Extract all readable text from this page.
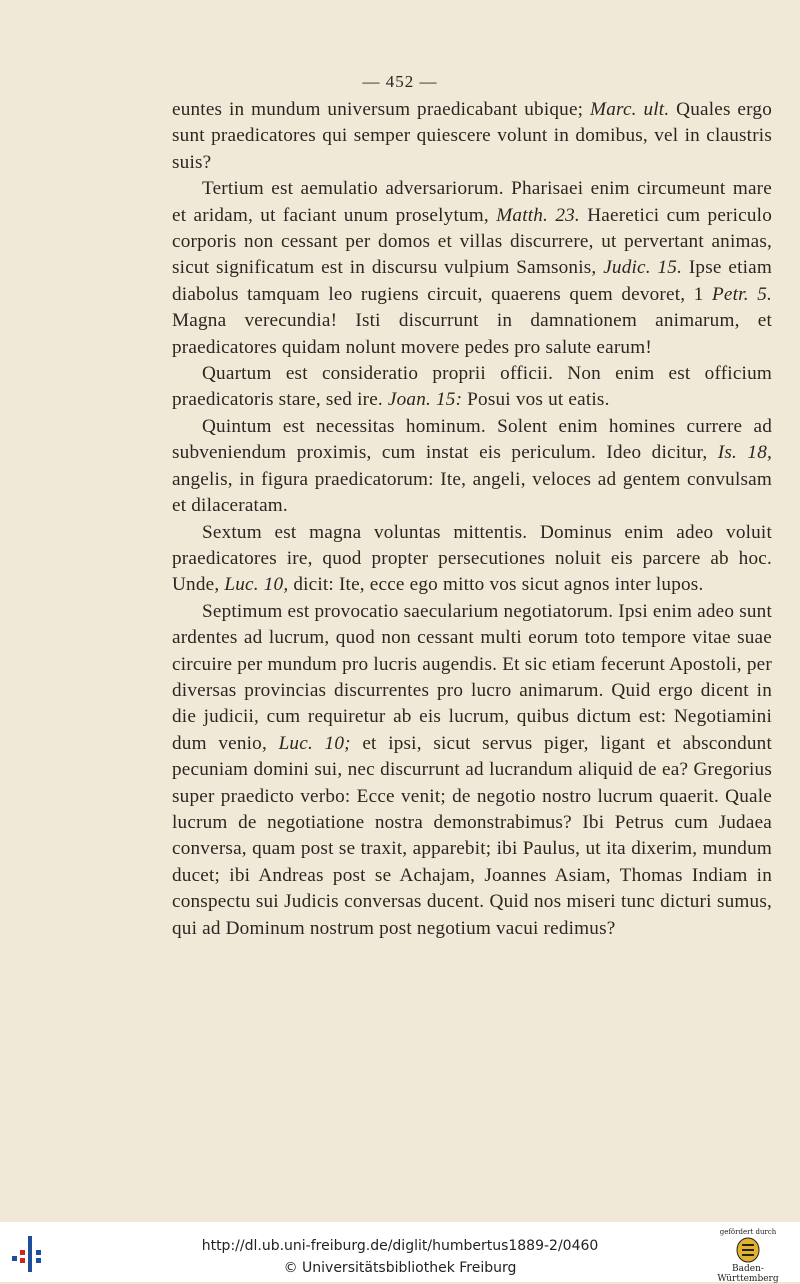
— 452 —

euntes in mundum universum praedicabant ubique; Marc. ult. Quales ergo sunt praedicatores qui semper quiescere volunt in domibus, vel in claustris suis?

Tertium est aemulatio adversariorum. Pharisaei enim circumeunt mare et aridam, ut faciant unum proselytum, Matth. 23. Haeretici cum periculo corporis non cessant per domos et villas discurrere, ut pervertant animas, sicut significatum est in discursu vulpium Samsonis, Judic. 15. Ipse etiam diabolus tamquam leo rugiens circuit, quaerens quem devoret, 1 Petr. 5. Magna verecundia! Isti discurrunt in damnationem animarum, et praedicatores quidam nolunt movere pedes pro salute earum!

Quartum est consideratio proprii officii. Non enim est officium praedicatoris stare, sed ire. Joan. 15: Posui vos ut eatis.

Quintum est necessitas hominum. Solent enim homines currere ad subveniendum proximis, cum instat eis periculum. Ideo dicitur, Is. 18, angelis, in figura praedicatorum: Ite, angeli, veloces ad gentem convulsam et dilaceratam.

Sextum est magna voluntas mittentis. Dominus enim adeo voluit praedicatores ire, quod propter persecutiones noluit eis parcere ab hoc. Unde, Luc. 10, dicit: Ite, ecce ego mitto vos sicut agnos inter lupos.

Septimum est provocatio saecularium negotiatorum. Ipsi enim adeo sunt ardentes ad lucrum, quod non cessant multi eorum toto tempore vitae suae circuire per mundum pro lucris augendis. Et sic etiam fecerunt Apostoli, per diversas provincias discurrentes pro lucro animarum. Quid ergo dicent in die judicii, cum requiretur ab eis lucrum, quibus dictum est: Negotiamini dum venio, Luc. 10; et ipsi, sicut servus piger, ligant et abscondunt pecuniam domini sui, nec discurrunt ad lucrandum aliquid de ea? Gregorius super praedicto verbo: Ecce venit; de negotio nostro lucrum quaerit. Quale lucrum de negotiatione nostra demonstrabimus? Ibi Petrus cum Judaea conversa, quam post se traxit, apparebit; ibi Paulus, ut ita dixerim, mundum ducet; ibi Andreas post se Achajam, Joannes Asiam, Thomas Indiam in conspectu sui Judicis conversas ducent. Quid nos miseri tunc dicturi sumus, qui ad Dominum nostrum post negotium vacui redimus?

http://dl.ub.uni-freiburg.de/diglit/humbertus1889-2/0460
© Universitätsbibliothek Freiburg
gefördert durch
Baden-Württemberg
